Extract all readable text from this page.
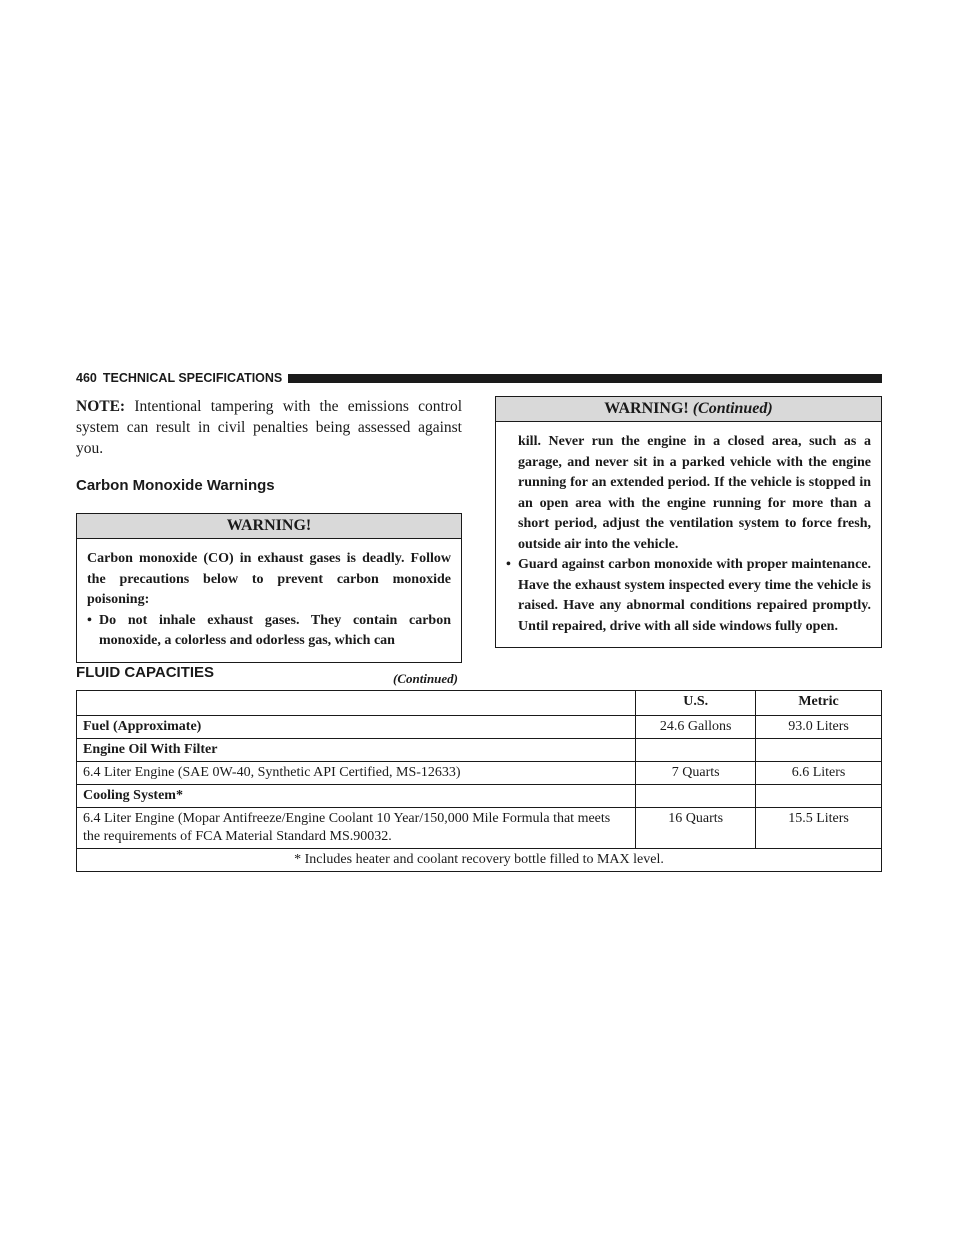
460 TECHNICAL SPECIFICATIONS

NOTE: Intentional tampering with the emissions control system can result in civil penalties being assessed against you.

Carbon Monoxide Warnings
WARNING!

Carbon monoxide (CO) in exhaust gases is deadly. Follow the precautions below to prevent carbon monoxide poisoning:

• Do not inhale exhaust gases. They contain carbon monoxide, a colorless and odorless gas, which can
(Continued)
WARNING! (Continued)
kill. Never run the engine in a closed area, such as a garage, and never sit in a parked vehicle with the engine running for an extended period. If the vehicle is stopped in an open area with the engine running for more than a short period, adjust the ventilation system to force fresh, outside air into the vehicle.
• Guard against carbon monoxide with proper maintenance. Have the exhaust system inspected every time the vehicle is raised. Have any abnormal conditions repaired promptly. Until repaired, drive with all side windows fully open.
FLUID CAPACITIES
	U.S.	Metric
Fuel (Approximate)	24.6 Gallons	93.0 Liters
Engine Oil With Filter		
6.4 Liter Engine (SAE 0W-40, Synthetic API Certified, MS-12633)	7 Quarts	6.6 Liters
Cooling System*		
6.4 Liter Engine (Mopar Antifreeze/Engine Coolant 10 Year/150,000 Mile Formula that meets the requirements of FCA Material Standard MS.90032.	16 Quarts	15.5 Liters
* Includes heater and coolant recovery bottle filled to MAX level.		
